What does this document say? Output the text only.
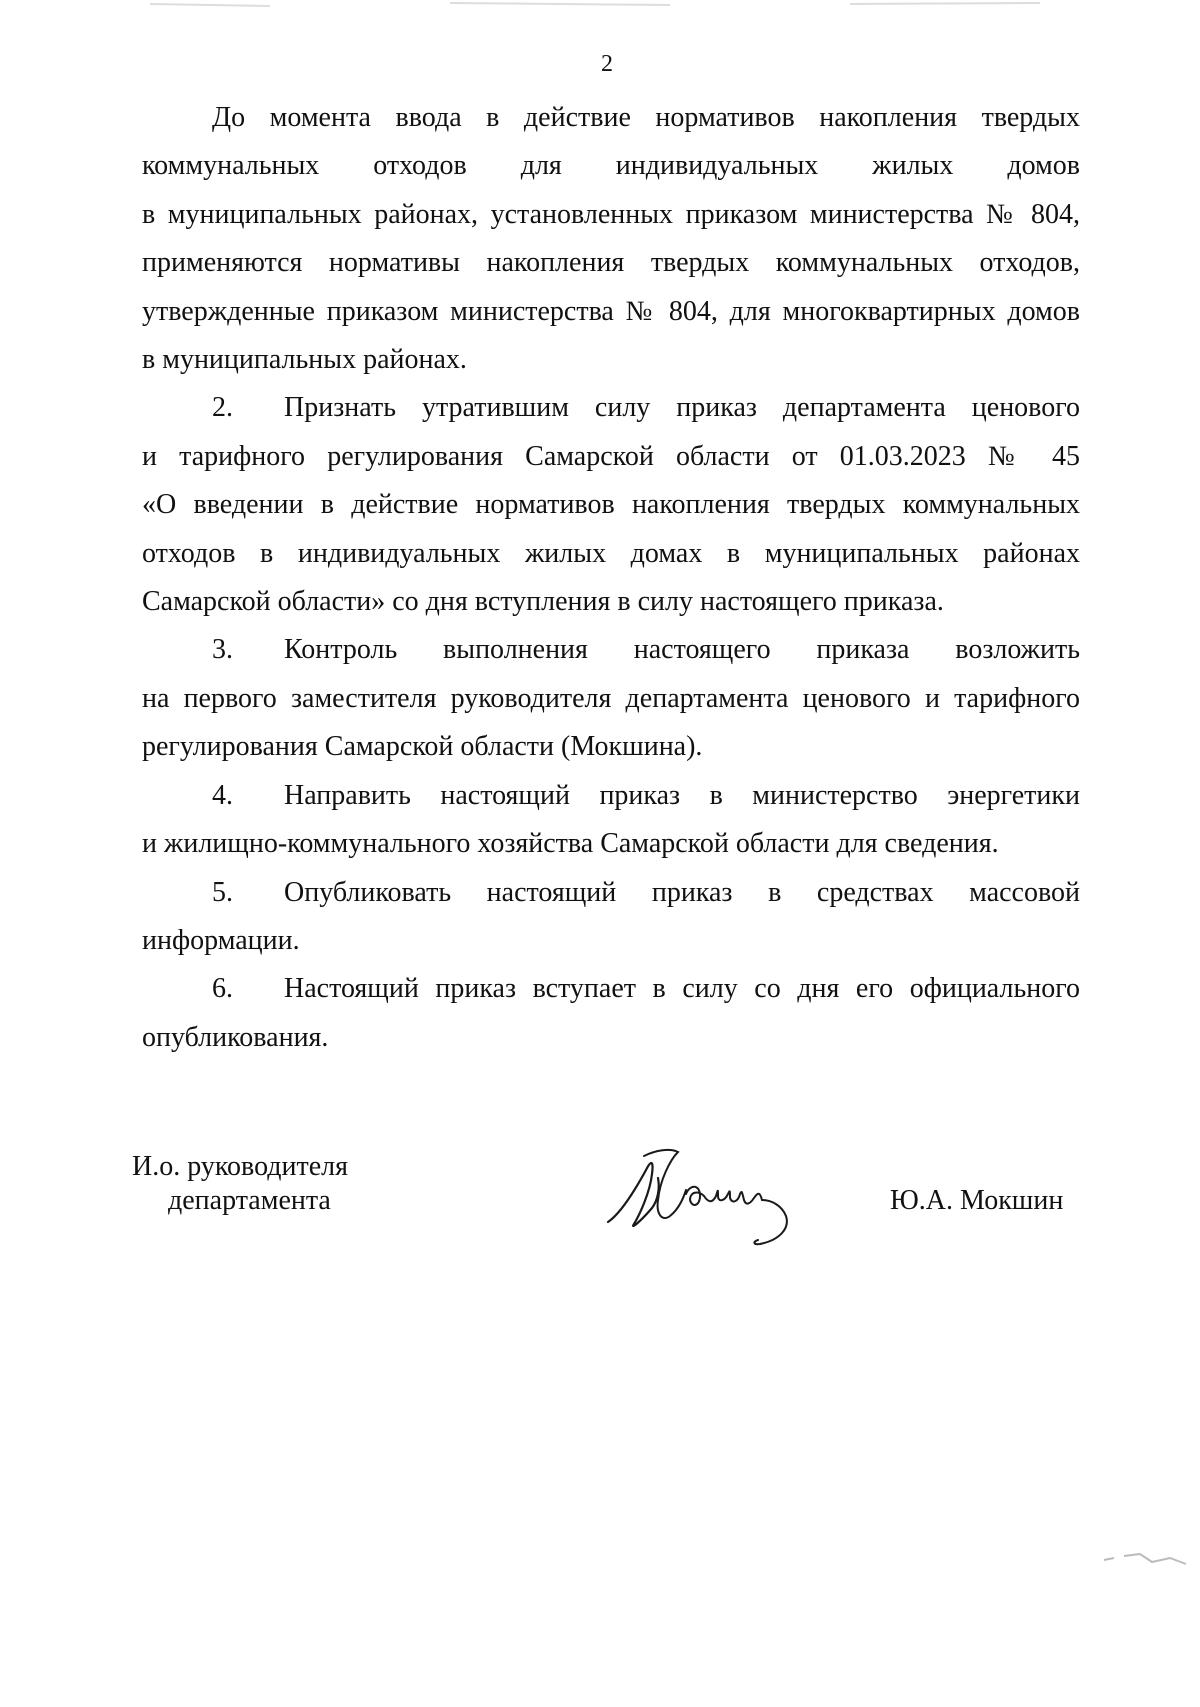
2
До момента ввода в действие нормативов накопления твердых
коммунальных отходов для индивидуальных жилых домов
в муниципальных районах, установленных приказом министерства № 804,
применяются нормативы накопления твердых коммунальных отходов,
утвержденные приказом министерства № 804, для многоквартирных домов
в муниципальных районах.
2.	Признать утратившим силу приказ департамента ценового
и тарифного регулирования Самарской области от 01.03.2023 № 45
«О введении в действие нормативов накопления твердых коммунальных
отходов в индивидуальных жилых домах в муниципальных районах
Самарской области» со дня вступления в силу настоящего приказа.
3.	Контроль выполнения настоящего приказа возложить
на первого заместителя руководителя департамента ценового и тарифного
регулирования Самарской области (Мокшина).
4.	Направить настоящий приказ в министерство энергетики
и жилищно-коммунального хозяйства Самарской области для сведения.
5.	Опубликовать настоящий приказ в средствах массовой
информации.
6.	Настоящий приказ вступает в силу со дня его официального
опубликования.
И.о. руководителя
департамента	Ю.А. Мокшин
